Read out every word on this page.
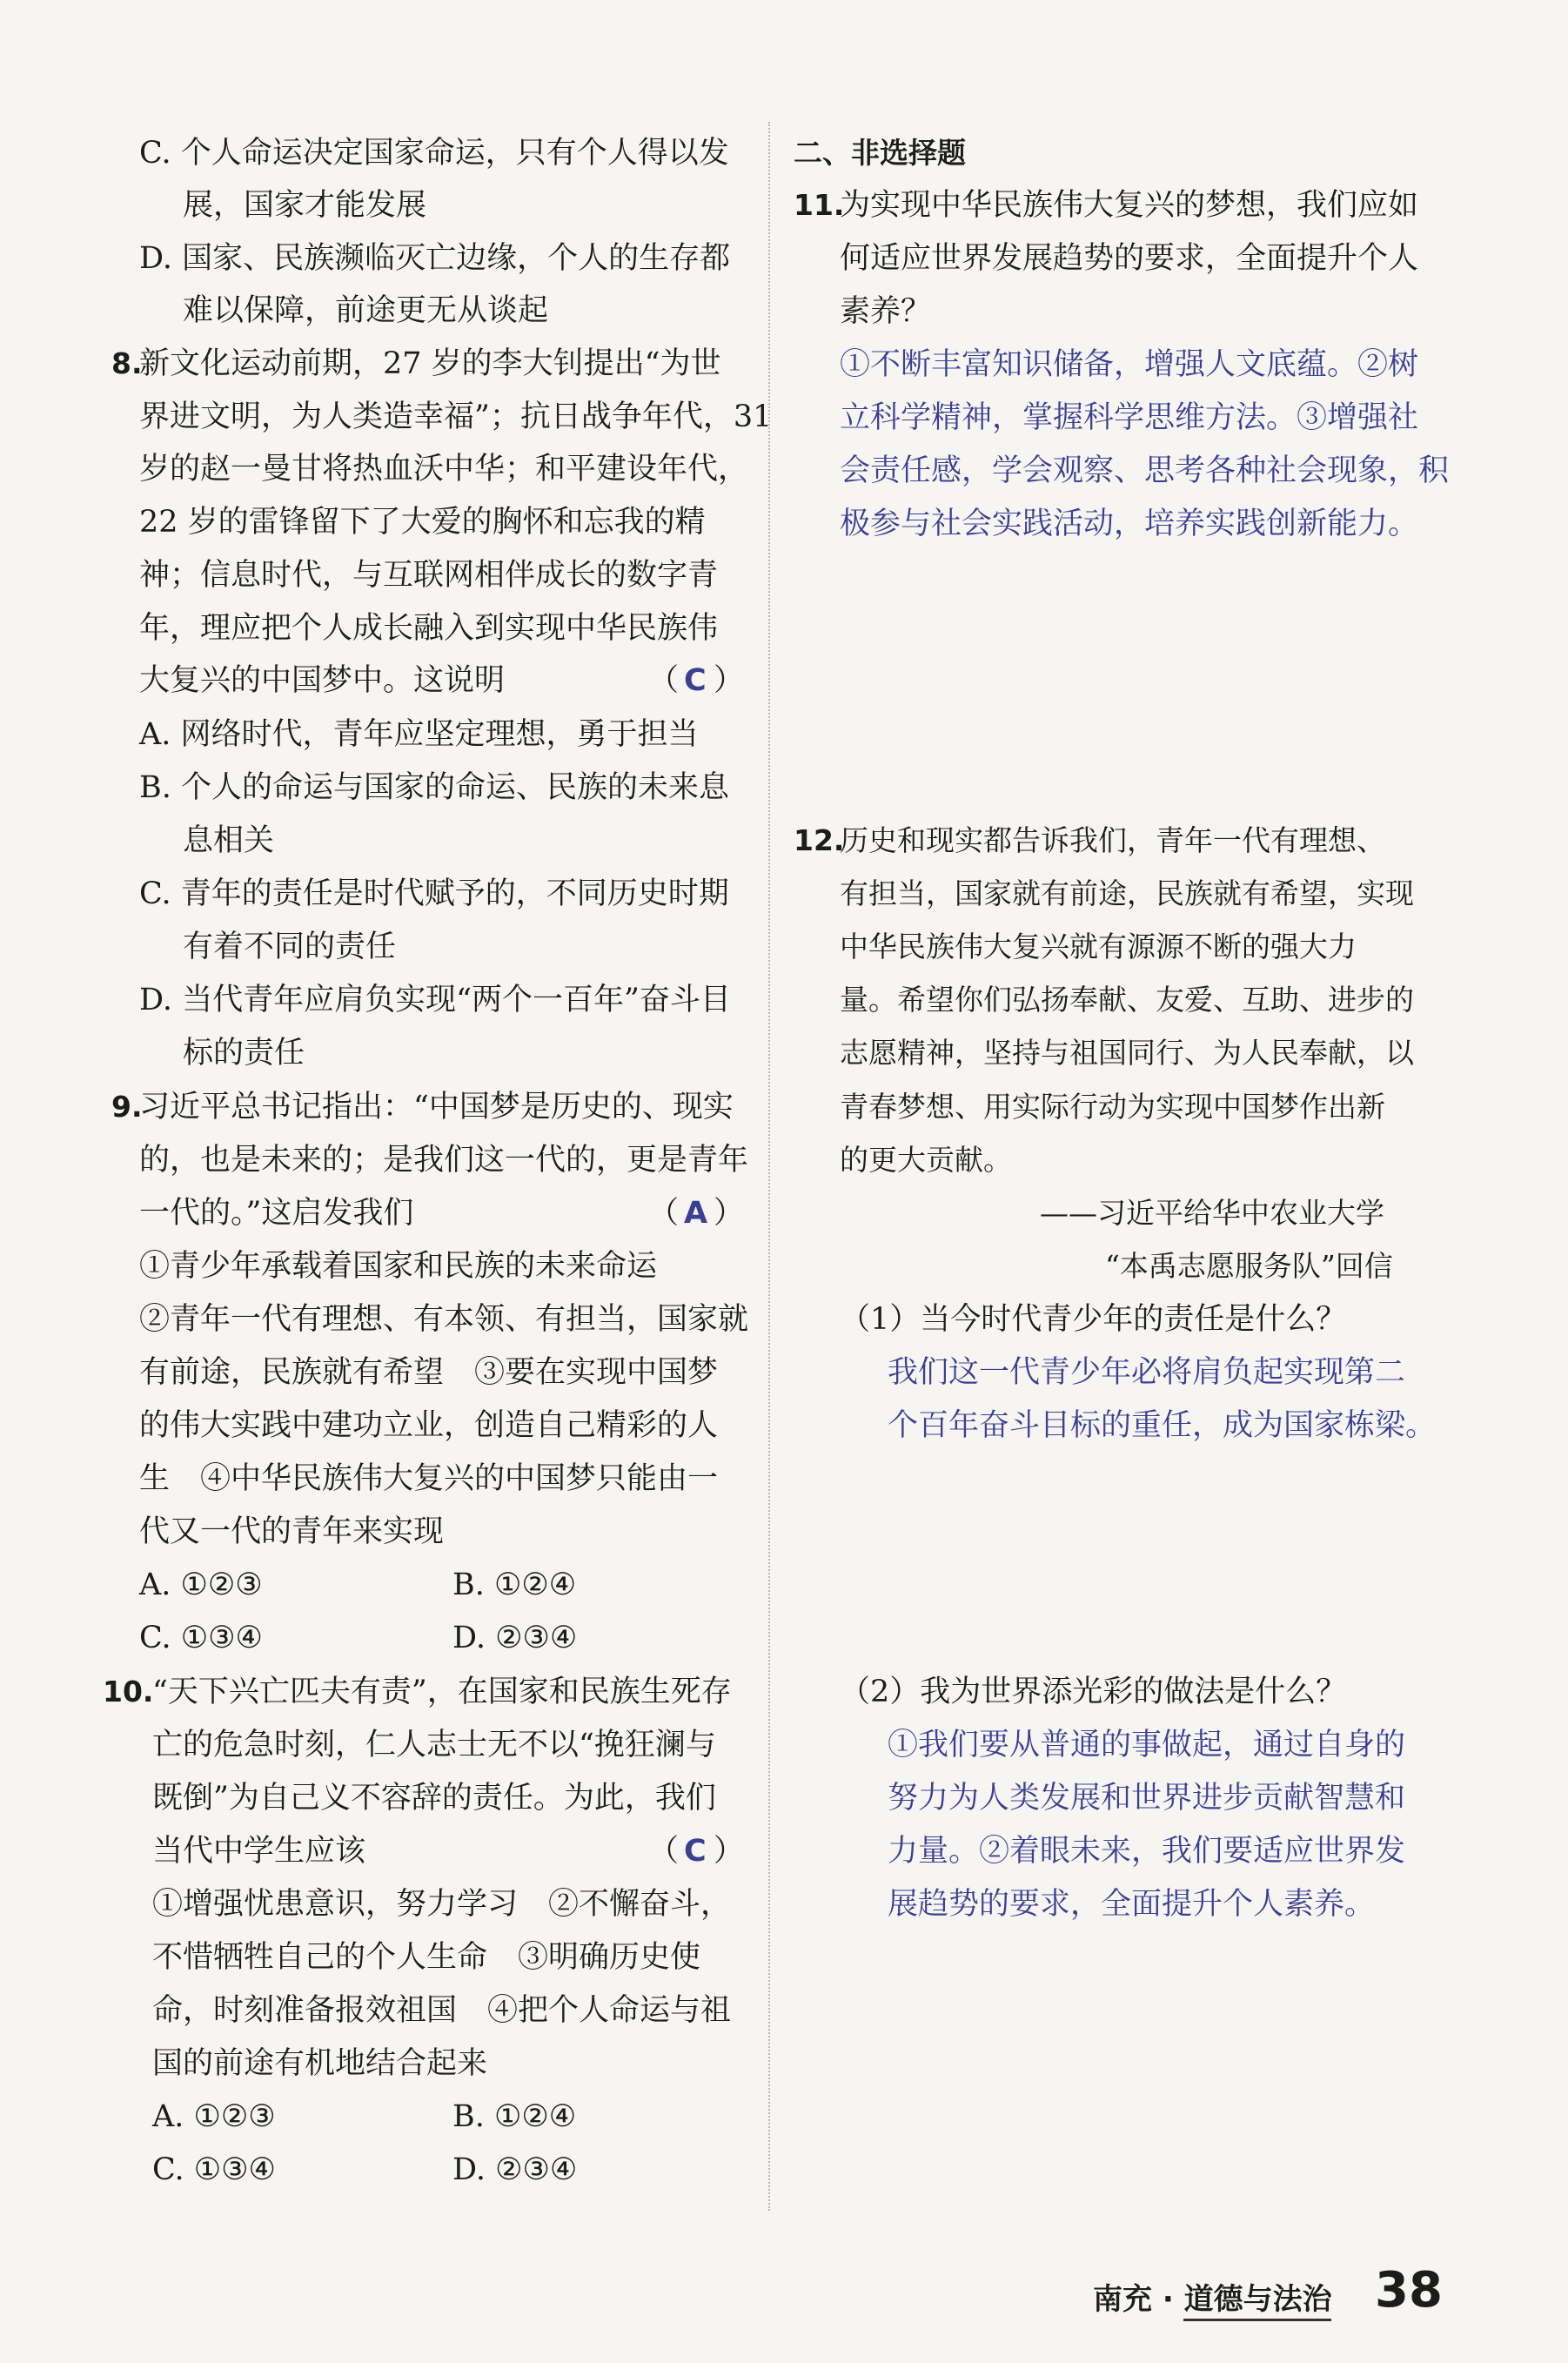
C. 个人命运决定国家命运，只有个人得以发
展，国家才能发展
D. 国家、民族濒临灭亡边缘，个人的生存都
难以保障，前途更无从谈起
8.
新文化运动前期，27 岁的李大钊提出“为世
界进文明，为人类造幸福”；抗日战争年代，31
岁的赵一曼甘将热血沃中华；和平建设年代，
22 岁的雷锋留下了大爱的胸怀和忘我的精
神；信息时代，与互联网相伴成长的数字青
年，理应把个人成长融入到实现中华民族伟
大复兴的中国梦中。这说明	（ C ）
A. 网络时代，青年应坚定理想，勇于担当
B. 个人的命运与国家的命运、民族的未来息
息相关
C. 青年的责任是时代赋予的，不同历史时期
有着不同的责任
D. 当代青年应肩负实现“两个一百年”奋斗目
标的责任
9.
习近平总书记指出：“中国梦是历史的、现实
的，也是未来的；是我们这一代的，更是青年
一代的。”这启发我们	（ A ）
①青少年承载着国家和民族的未来命运
②青年一代有理想、有本领、有担当，国家就
有前途，民族就有希望　③要在实现中国梦
的伟大实践中建功立业，创造自己精彩的人
生　④中华民族伟大复兴的中国梦只能由一
代又一代的青年来实现
A. ①②③	B. ①②④
C. ①③④	D. ②③④
10.
“天下兴亡匹夫有责”，在国家和民族生死存
亡的危急时刻，仁人志士无不以“挽狂澜与
既倒”为自己义不容辞的责任。为此，我们
当代中学生应该	（ C ）
①增强忧患意识，努力学习　②不懈奋斗，
不惜牺牲自己的个人生命　③明确历史使
命，时刻准备报效祖国　④把个人命运与祖
国的前途有机地结合起来
A. ①②③	B. ①②④
C. ①③④	D. ②③④
二、非选择题
11.
为实现中华民族伟大复兴的梦想，我们应如
何适应世界发展趋势的要求，全面提升个人
素养？
①不断丰富知识储备，增强人文底蕴。②树
立科学精神，掌握科学思维方法。③增强社
会责任感，学会观察、思考各种社会现象，积
极参与社会实践活动，培养实践创新能力。
12.
历史和现实都告诉我们，青年一代有理想、
有担当，国家就有前途，民族就有希望，实现
中华民族伟大复兴就有源源不断的强大力
量。希望你们弘扬奉献、友爱、互助、进步的
志愿精神，坚持与祖国同行、为人民奉献，以
青春梦想、用实际行动为实现中国梦作出新
的更大贡献。
——习近平给华中农业大学
“本禹志愿服务队”回信
（1）当今时代青少年的责任是什么？
我们这一代青少年必将肩负起实现第二
个百年奋斗目标的重任，成为国家栋梁。
（2）我为世界添光彩的做法是什么？
①我们要从普通的事做起，通过自身的
努力为人类发展和世界进步贡献智慧和
力量。②着眼未来，我们要适应世界发
展趋势的要求，全面提升个人素养。
南充 · 道德与法治 38
